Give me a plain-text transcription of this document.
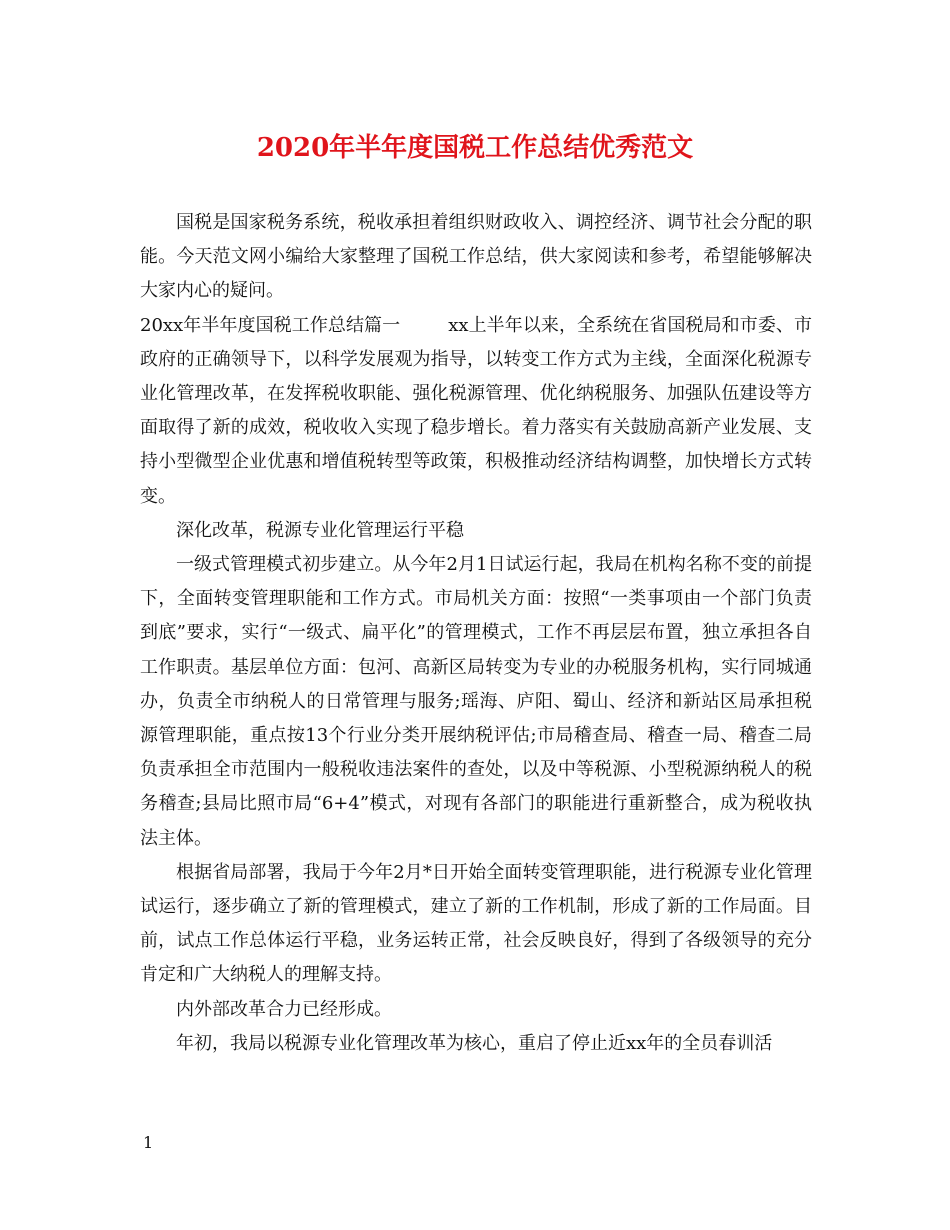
2020年半年度国税工作总结优秀范文

国税是国家税务系统，税收承担着组织财政收入、调控经济、调节社会分配的职能。今天范文网小编给大家整理了国税工作总结，供大家阅读和参考，希望能够解决大家内心的疑问。

20xx年半年度国税工作总结篇一	xx上半年以来，全系统在省国税局和市委、市政府的正确领导下，以科学发展观为指导，以转变工作方式为主线，全面深化税源专业化管理改革，在发挥税收职能、强化税源管理、优化纳税服务、加强队伍建设等方面取得了新的成效，税收收入实现了稳步增长。着力落实有关鼓励高新产业发展、支持小型微型企业优惠和增值税转型等政策，积极推动经济结构调整，加快增长方式转变。

深化改革，税源专业化管理运行平稳

一级式管理模式初步建立。从今年2月1日试运行起，我局在机构名称不变的前提下，全面转变管理职能和工作方式。市局机关方面：按照“一类事项由一个部门负责到底”要求，实行“一级式、扁平化”的管理模式，工作不再层层布置，独立承担各自工作职责。基层单位方面：包河、高新区局转变为专业的办税服务机构，实行同城通办，负责全市纳税人的日常管理与服务;瑶海、庐阳、蜀山、经济和新站区局承担税源管理职能，重点按13个行业分类开展纳税评估;市局稽查局、稽查一局、稽查二局负责承担全市范围内一般税收违法案件的查处，以及中等税源、小型税源纳税人的税务稽查;县局比照市局“6+4”模式，对现有各部门的职能进行重新整合，成为税收执法主体。

根据省局部署，我局于今年2月*日开始全面转变管理职能，进行税源专业化管理试运行，逐步确立了新的管理模式，建立了新的工作机制，形成了新的工作局面。目前，试点工作总体运行平稳，业务运转正常，社会反映良好，得到了各级领导的充分肯定和广大纳税人的理解支持。

内外部改革合力已经形成。

年初，我局以税源专业化管理改革为核心，重启了停止近xx年的全员春训活

1
